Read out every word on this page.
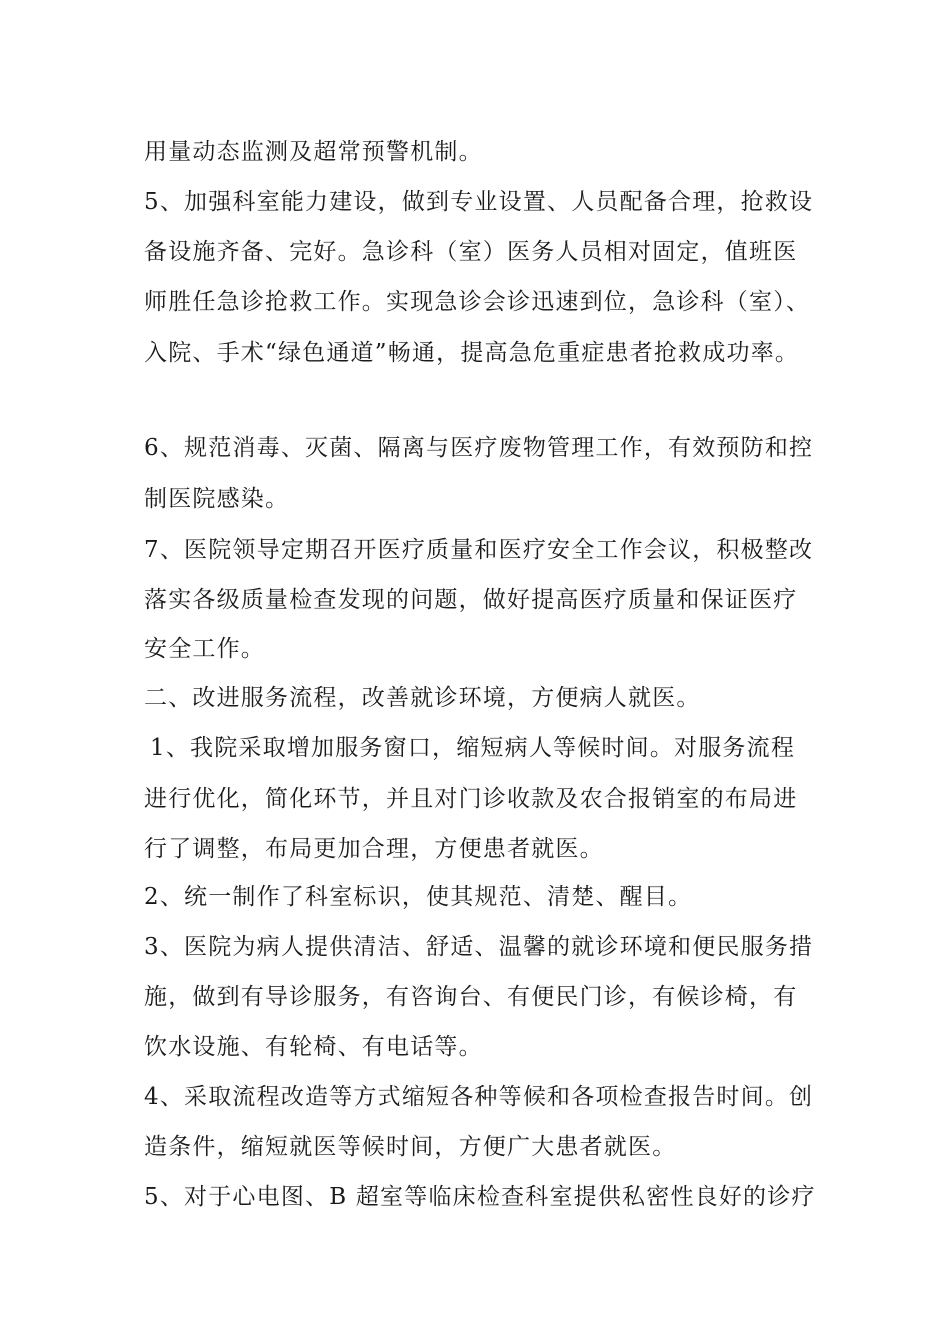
用量动态监测及超常预警机制。
5、加强科室能力建设，做到专业设置、人员配备合理，抢救设
备设施齐备、完好。急诊科（室）医务人员相对固定，值班医
师胜任急诊抢救工作。实现急诊会诊迅速到位，急诊科（室）、
入院、手术“绿色通道”畅通，提高急危重症患者抢救成功率。
6、规范消毒、灭菌、隔离与医疗废物管理工作，有效预防和控
制医院感染。
7、医院领导定期召开医疗质量和医疗安全工作会议，积极整改
落实各级质量检查发现的问题，做好提高医疗质量和保证医疗
安全工作。
二、改进服务流程，改善就诊环境，方便病人就医。
1、我院采取增加服务窗口，缩短病人等候时间。对服务流程
进行优化，简化环节，并且对门诊收款及农合报销室的布局进
行了调整，布局更加合理，方便患者就医。
2、统一制作了科室标识，使其规范、清楚、醒目。
3、医院为病人提供清洁、舒适、温馨的就诊环境和便民服务措
施，做到有导诊服务，有咨询台、有便民门诊，有候诊椅，有
饮水设施、有轮椅、有电话等。
4、采取流程改造等方式缩短各种等候和各项检查报告时间。创
造条件，缩短就医等候时间，方便广大患者就医。
5、对于心电图、B 超室等临床检查科室提供私密性良好的诊疗
